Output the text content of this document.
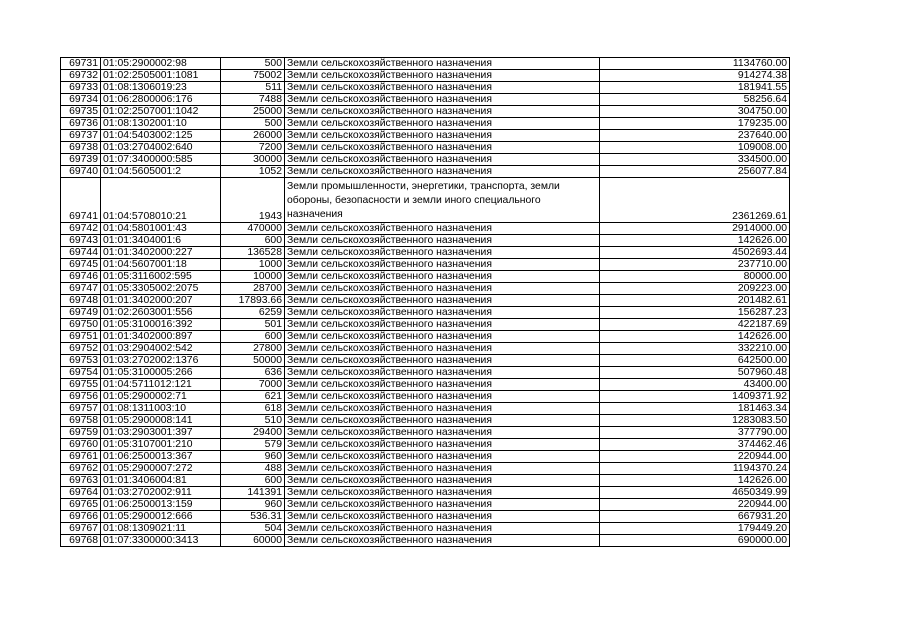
69731	01:05:2900002:98	500	Земли сельскохозяйственного назначения	1134760.00
69732	01:02:2505001:1081	75002	Земли сельскохозяйственного назначения	914274.38
69733	01:08:1306019:23	511	Земли сельскохозяйственного назначения	181941.55
69734	01:06:2800006:176	7488	Земли сельскохозяйственного назначения	58256.64
69735	01:02:2507001:1042	25000	Земли сельскохозяйственного назначения	304750.00
69736	01:08:1302001:10	500	Земли сельскохозяйственного назначения	179235.00
69737	01:04:5403002:125	26000	Земли сельскохозяйственного назначения	237640.00
69738	01:03:2704002:640	7200	Земли сельскохозяйственного назначения	109008.00
69739	01:07:3400000:585	30000	Земли сельскохозяйственного назначения	334500.00
69740	01:04:5605001:2	1052	Земли сельскохозяйственного назначения	256077.84
69741	01:04:5708010:21	1943	Земли промышленности, энергетики, транспорта, земли обороны, безопасности и земли иного специального назначения	2361269.61
69742	01:04:5801001:43	470000	Земли сельскохозяйственного назначения	2914000.00
69743	01:01:3404001:6	600	Земли сельскохозяйственного назначения	142626.00
69744	01:01:3402000:227	136528	Земли сельскохозяйственного назначения	4502693.44
69745	01:04:5607001:18	1000	Земли сельскохозяйственного назначения	237710.00
69746	01:05:3116002:595	10000	Земли сельскохозяйственного назначения	80000.00
69747	01:05:3305002:2075	28700	Земли сельскохозяйственного назначения	209223.00
69748	01:01:3402000:207	17893.66	Земли сельскохозяйственного назначения	201482.61
69749	01:02:2603001:556	6259	Земли сельскохозяйственного назначения	156287.23
69750	01:05:3100016:392	501	Земли сельскохозяйственного назначения	422187.69
69751	01:01:3402000:897	600	Земли сельскохозяйственного назначения	142626.00
69752	01:03:2904002:542	27800	Земли сельскохозяйственного назначения	332210.00
69753	01:03:2702002:1376	50000	Земли сельскохозяйственного назначения	642500.00
69754	01:05:3100005:266	636	Земли сельскохозяйственного назначения	507960.48
69755	01:04:5711012:121	7000	Земли сельскохозяйственного назначения	43400.00
69756	01:05:2900002:71	621	Земли сельскохозяйственного назначения	1409371.92
69757	01:08:1311003:10	618	Земли сельскохозяйственного назначения	181463.34
69758	01:05:2900008:141	510	Земли сельскохозяйственного назначения	1283083.50
69759	01:03:2903001:397	29400	Земли сельскохозяйственного назначения	377790.00
69760	01:05:3107001:210	579	Земли сельскохозяйственного назначения	374462.46
69761	01:06:2500013:367	960	Земли сельскохозяйственного назначения	220944.00
69762	01:05:2900007:272	488	Земли сельскохозяйственного назначения	1194370.24
69763	01:01:3406004:81	600	Земли сельскохозяйственного назначения	142626.00
69764	01:03:2702002:911	141391	Земли сельскохозяйственного назначения	4650349.99
69765	01:06:2500013:159	960	Земли сельскохозяйственного назначения	220944.00
69766	01:05:2900012:666	536.31	Земли сельскохозяйственного назначения	667931.20
69767	01:08:1309021:11	504	Земли сельскохозяйственного назначения	179449.20
69768	01:07:3300000:3413	60000	Земли сельскохозяйственного назначения	690000.00
